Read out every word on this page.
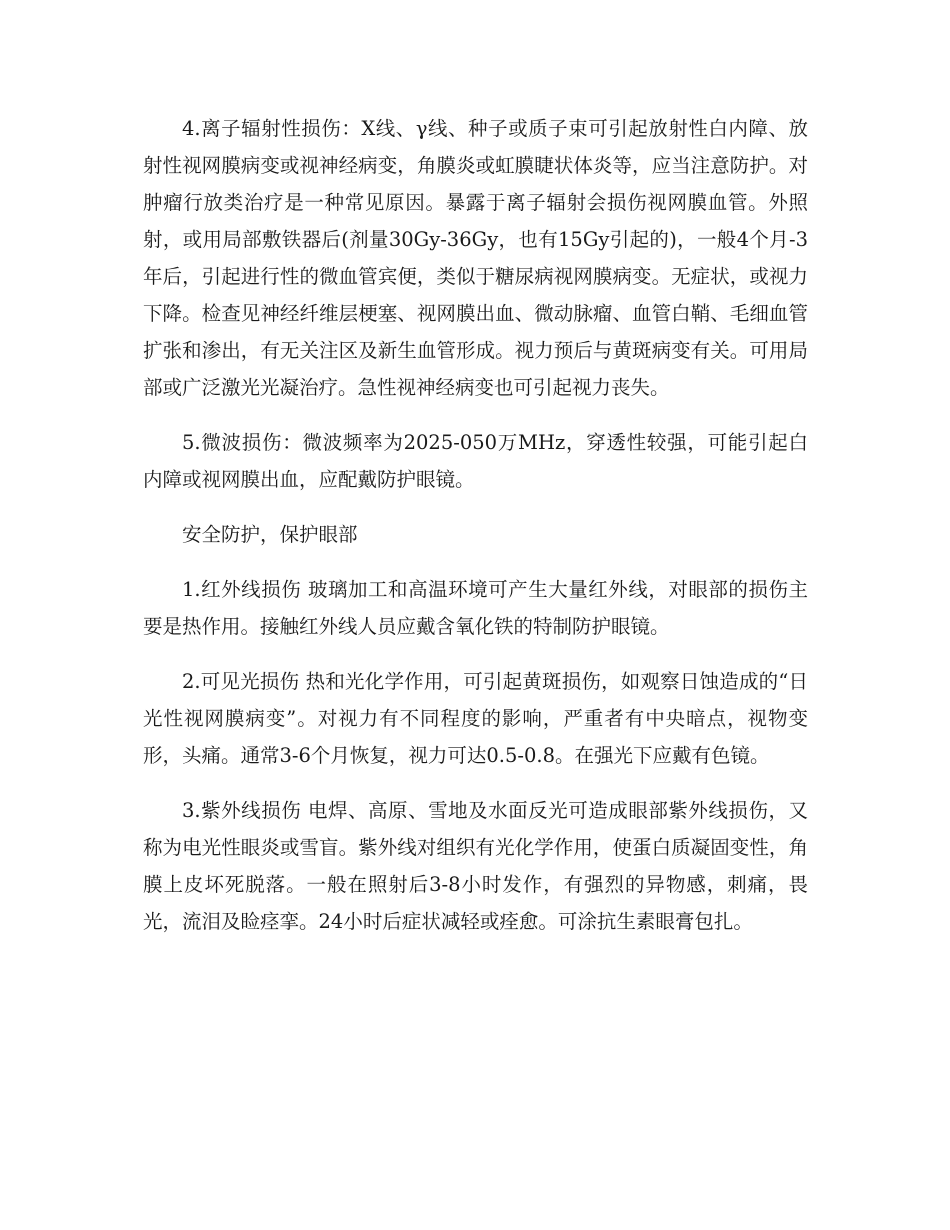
4.离子辐射性损伤：X线、γ线、种子或质子束可引起放射性白内障、放射性视网膜病变或视神经病变，角膜炎或虹膜睫状体炎等，应当注意防护。对肿瘤行放类治疗是一种常见原因。暴露于离子辐射会损伤视网膜血管。外照射，或用局部敷铁器后(剂量30Gy-36Gy，也有15Gy引起的)，一般4个月-3年后，引起进行性的微血管宾便，类似于糖尿病视网膜病变。无症状，或视力下降。检查见神经纤维层梗塞、视网膜出血、微动脉瘤、血管白鞘、毛细血管扩张和渗出，有无关注区及新生血管形成。视力预后与黄斑病变有关。可用局部或广泛激光光凝治疗。急性视神经病变也可引起视力丧失。

5.微波损伤：微波频率为2025-050万MHz，穿透性较强，可能引起白内障或视网膜出血，应配戴防护眼镜。

安全防护，保护眼部

1.红外线损伤 玻璃加工和高温环境可产生大量红外线，对眼部的损伤主要是热作用。接触红外线人员应戴含氧化铁的特制防护眼镜。

2.可见光损伤 热和光化学作用，可引起黄斑损伤，如观察日蚀造成的“日光性视网膜病变”。对视力有不同程度的影响，严重者有中央暗点，视物变形，头痛。通常3-6个月恢复，视力可达0.5-0.8。在强光下应戴有色镜。

3.紫外线损伤 电焊、高原、雪地及水面反光可造成眼部紫外线损伤，又称为电光性眼炎或雪盲。紫外线对组织有光化学作用，使蛋白质凝固变性，角膜上皮坏死脱落。一般在照射后3-8小时发作，有强烈的异物感，刺痛，畏光，流泪及睑痉挛。24小时后症状减轻或痊愈。可涂抗生素眼膏包扎。
